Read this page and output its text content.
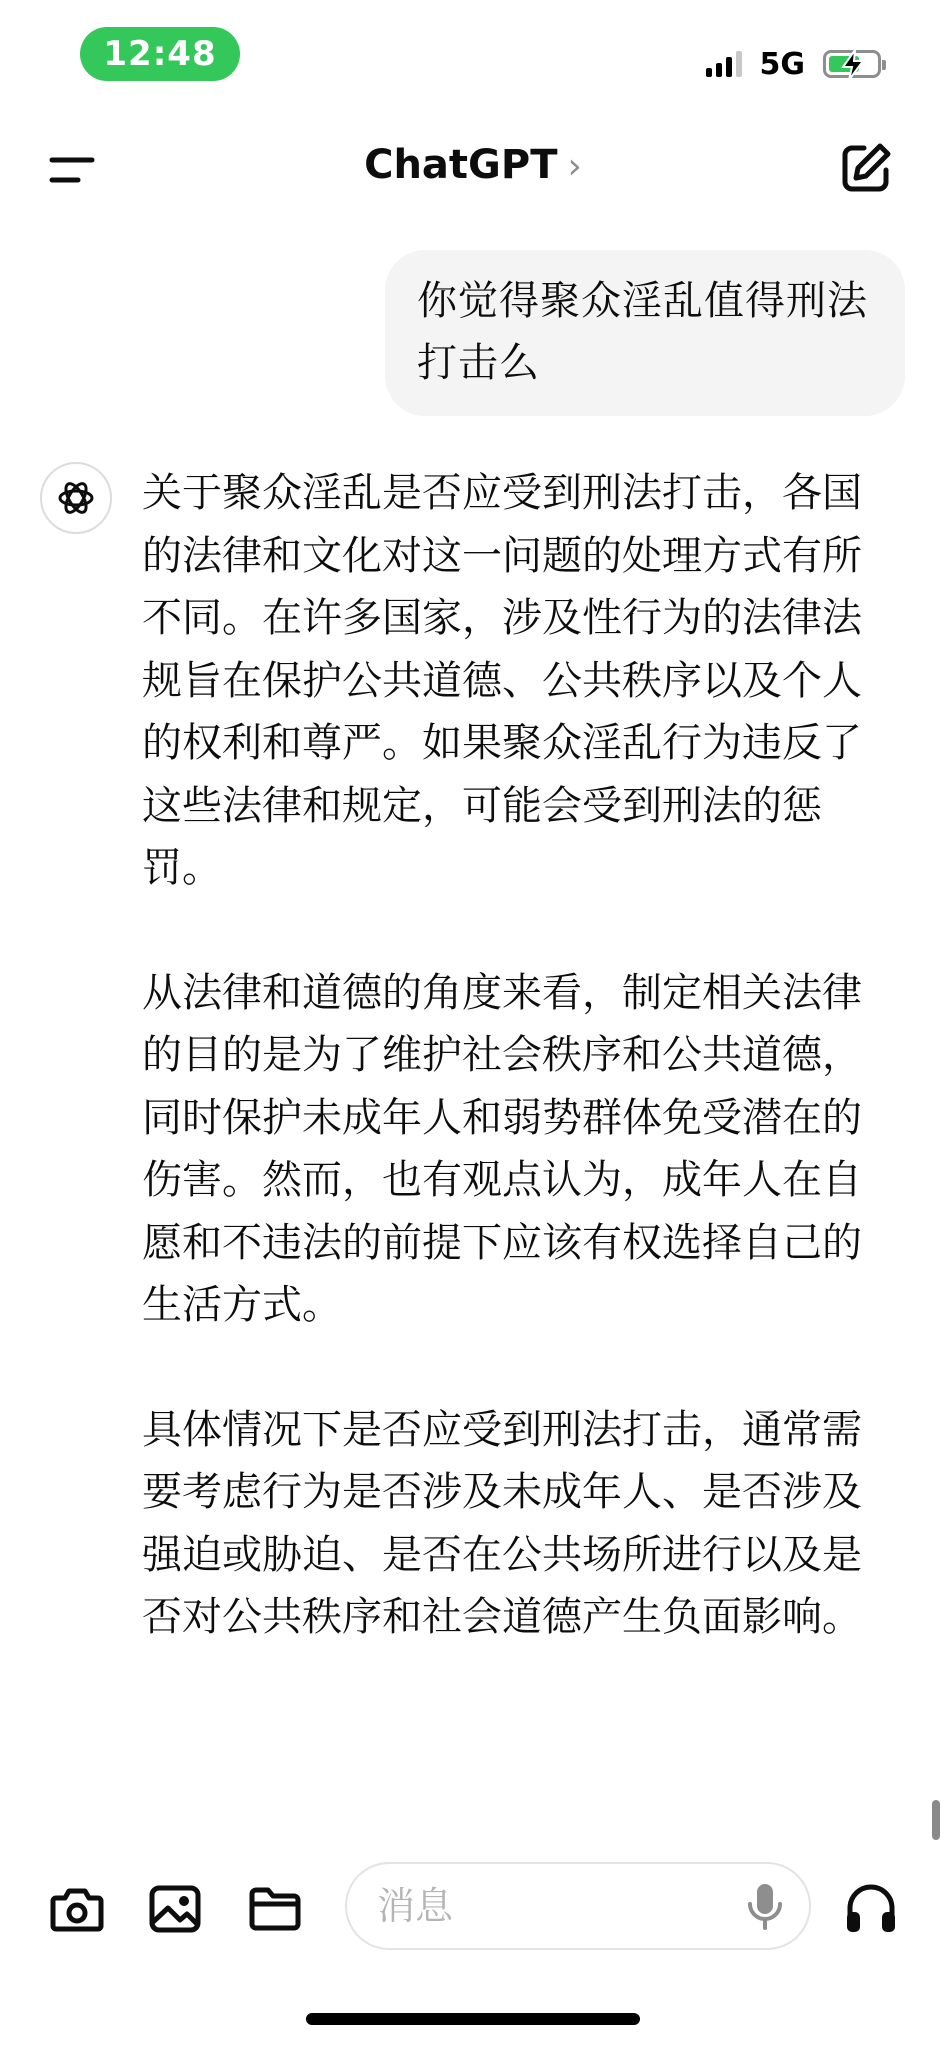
12:48	5G
ChatGPT ›
你觉得聚众淫乱值得刑法打击么

关于聚众淫乱是否应受到刑法打击，各国的法律和文化对这一问题的处理方式有所不同。在许多国家，涉及性行为的法律法规旨在保护公共道德、公共秩序以及个人的权利和尊严。如果聚众淫乱行为违反了这些法律和规定，可能会受到刑法的惩罚。

从法律和道德的角度来看，制定相关法律的目的是为了维护社会秩序和公共道德，同时保护未成年人和弱势群体免受潜在的伤害。然而，也有观点认为，成年人在自愿和不违法的前提下应该有权选择自己的生活方式。

具体情况下是否应受到刑法打击，通常需要考虑行为是否涉及未成年人、是否涉及强迫或胁迫、是否在公共场所进行以及是否对公共秩序和社会道德产生负面影响。

消息
